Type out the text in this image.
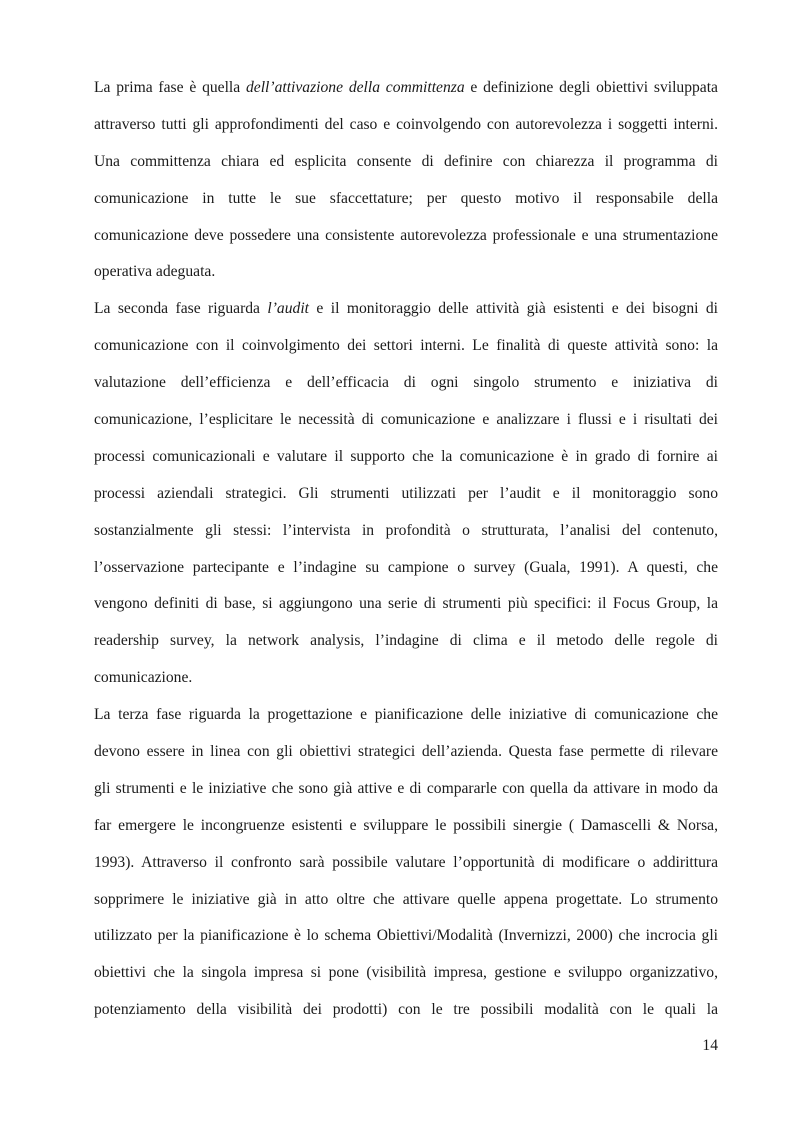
La prima fase è quella dell’attivazione della committenza e definizione degli obiettivi sviluppata
attraverso tutti gli approfondimenti del caso e coinvolgendo con autorevolezza i soggetti interni.
Una committenza chiara ed esplicita consente di definire con chiarezza il programma di
comunicazione in tutte le sue sfaccettature; per questo motivo il responsabile della
comunicazione deve possedere una consistente autorevolezza professionale e una strumentazione
operativa adeguata.
La seconda fase riguarda l’audit e il monitoraggio delle attività già esistenti e dei bisogni di
comunicazione con il coinvolgimento dei settori interni. Le finalità di queste attività sono: la
valutazione dell’efficienza e dell’efficacia di ogni singolo strumento e iniziativa di
comunicazione, l’esplicitare le necessità di comunicazione e analizzare i flussi e i risultati dei
processi comunicazionali e valutare il supporto che la comunicazione è in grado di fornire ai
processi aziendali strategici. Gli strumenti utilizzati per l’audit e il monitoraggio sono
sostanzialmente gli stessi: l’intervista in profondità o strutturata, l’analisi del contenuto,
l’osservazione partecipante e l’indagine su campione o survey (Guala, 1991). A questi, che
vengono definiti di base, si aggiungono una serie di strumenti più specifici: il Focus Group, la
readership survey, la network analysis, l’indagine di clima e il metodo delle regole di
comunicazione.
La terza fase riguarda la progettazione e pianificazione delle iniziative di comunicazione che
devono essere in linea con gli obiettivi strategici dell’azienda. Questa fase permette di rilevare
gli strumenti e le iniziative che sono già attive e di compararle con quella da attivare in modo da
far emergere le incongruenze esistenti e sviluppare le possibili sinergie ( Damascelli & Norsa,
1993). Attraverso il confronto sarà possibile valutare l’opportunità di modificare o addirittura
sopprimere le iniziative già in atto oltre che attivare quelle appena progettate. Lo strumento
utilizzato per la pianificazione è lo schema Obiettivi/Modalità (Invernizzi, 2000) che incrocia gli
obiettivi che la singola impresa si pone (visibilità impresa, gestione e sviluppo organizzativo,
potenziamento della visibilità dei prodotti) con le tre possibili modalità con le quali la
14
